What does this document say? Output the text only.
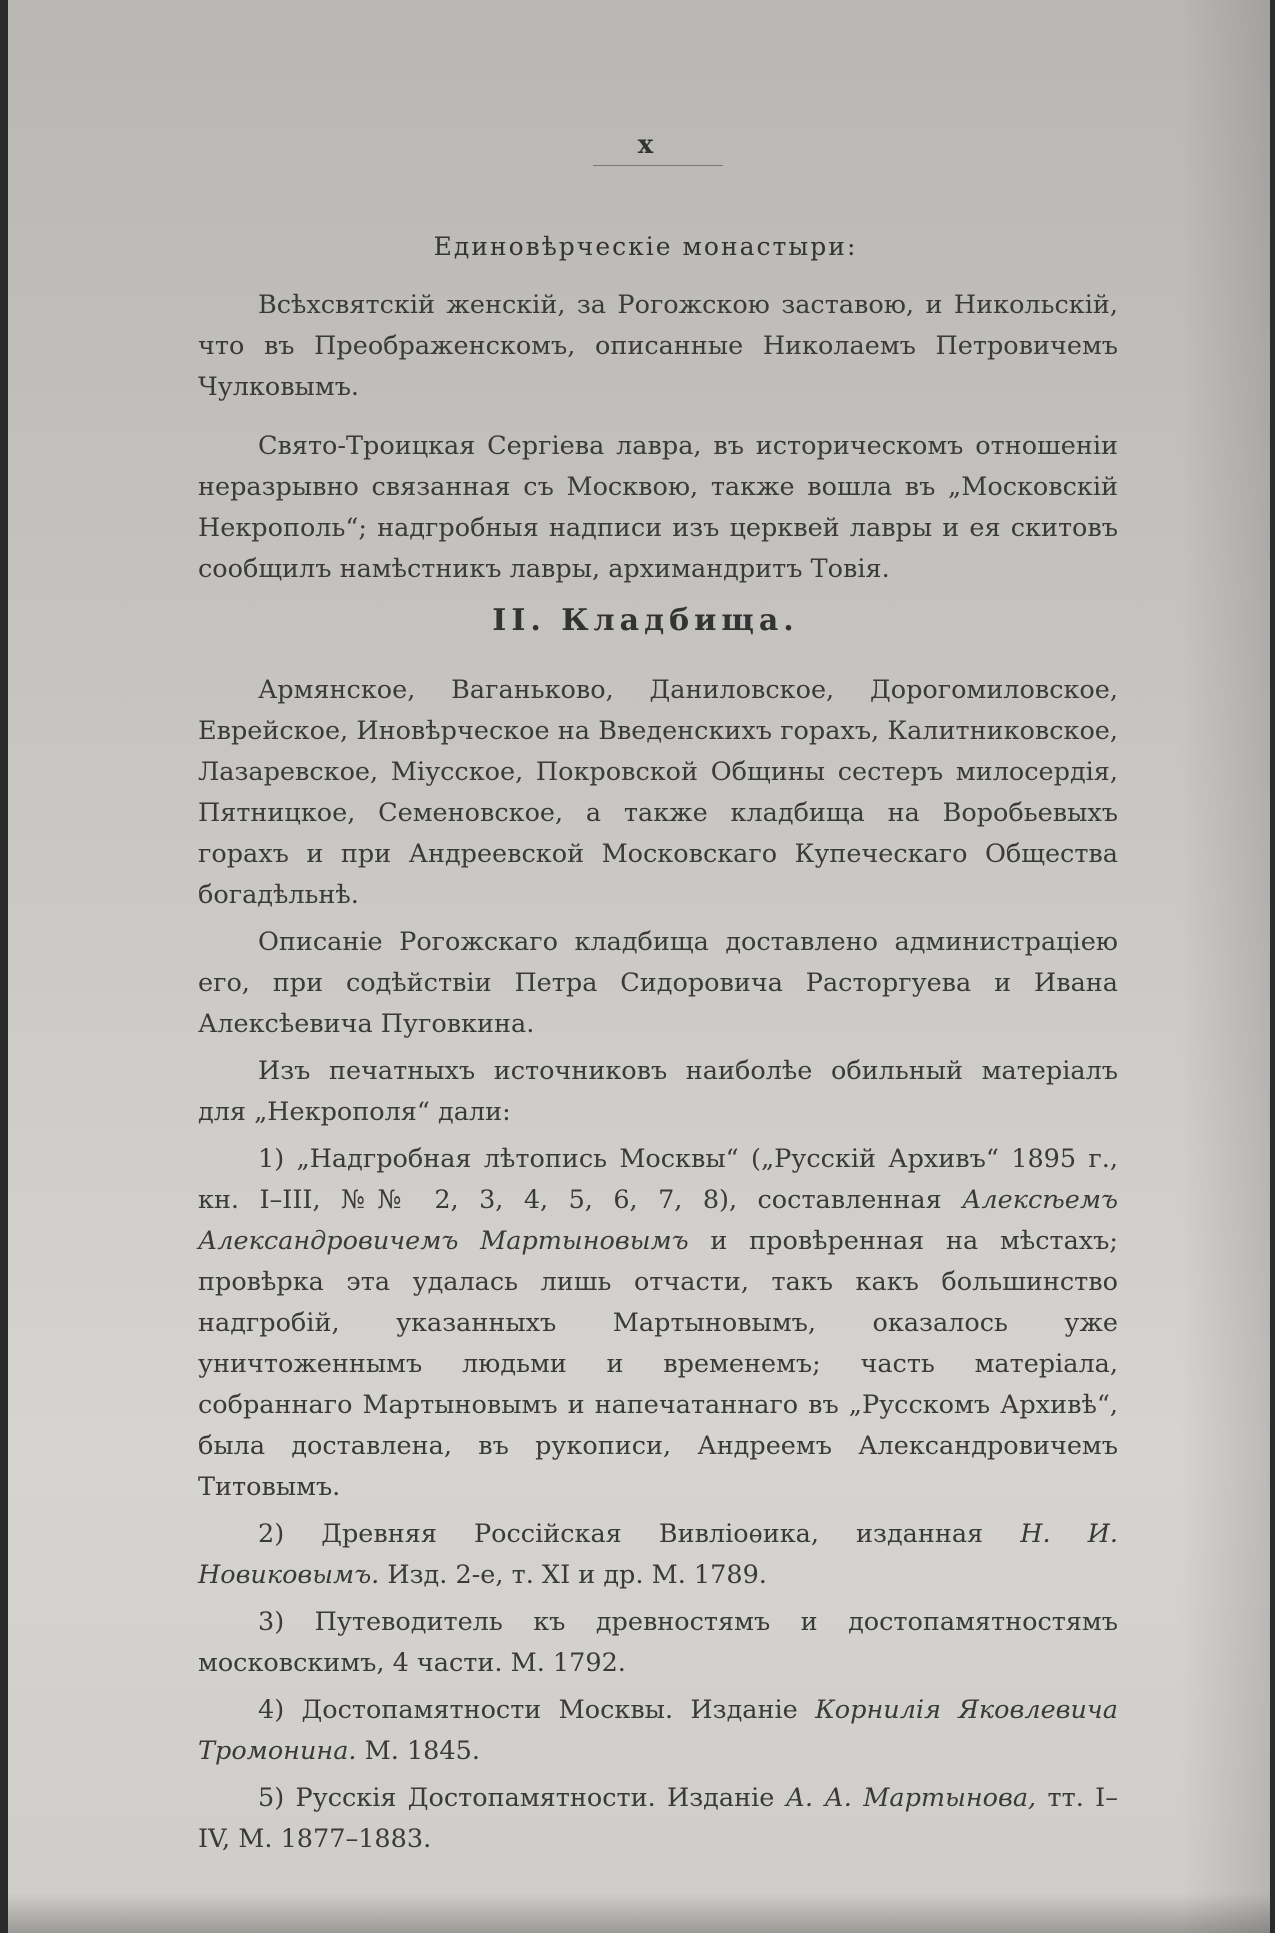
x
Единовѣрческіе монастыри:

Всѣхсвятскій женскій, за Рогожскою заставою, и Никольскій, что въ Преображенскомъ, описанные Николаемъ Петровичемъ Чулковымъ.

Свято-Троицкая Сергіева лавра, въ историческомъ отношеніи неразрывно связанная съ Москвою, также вошла въ „Московскій Некрополь“; надгробныя надписи изъ церквей лавры и ея скитовъ сообщилъ намѣстникъ лавры, архимандритъ Товія.

II. Кладбища.

Армянское, Ваганьково, Даниловское, Дорогомиловское, Еврейское, Иновѣрческое на Введенскихъ горахъ, Калитниковское, Лазаревское, Міусское, Покровской Общины сестеръ милосердія, Пятницкое, Семеновское, а также кладбища на Воробьевыхъ горахъ и при Андреевской Московскаго Купеческаго Общества богадѣльнѣ.

Описаніе Рогожскаго кладбища доставлено администраціею его, при содѣйствіи Петра Сидоровича Расторгуева и Ивана Алексѣевича Пуговкина.

Изъ печатныхъ источниковъ наиболѣе обильный матеріалъ для „Некрополя“ дали:

1) „Надгробная лѣтопись Москвы“ („Русскій Архивъ“ 1895 г., кн. I–III, №№ 2, 3, 4, 5, 6, 7, 8), составленная Алексѣемъ Александровичемъ Мартыновымъ и провѣренная на мѣстахъ; провѣрка эта удалась лишь отчасти, такъ какъ большинство надгробій, указанныхъ Мартыновымъ, оказалось уже уничтоженнымъ людьми и временемъ; часть матеріала, собраннаго Мартыновымъ и напечатаннаго въ „Русскомъ Архивѣ“, была доставлена, въ рукописи, Андреемъ Александровичемъ Титовымъ.

2) Древняя Россійская Вивліоѳика, изданная Н. И. Новиковымъ. Изд. 2-е, т. XI и др. М. 1789.

3) Путеводитель къ древностямъ и достопамятностямъ московскимъ, 4 части. М. 1792.

4) Достопамятности Москвы. Изданіе Корнилія Яковлевича Тромонина. М. 1845.

5) Русскія Достопамятности. Изданіе А. А. Мартынова, тт. I–IV, М. 1877–1883.
